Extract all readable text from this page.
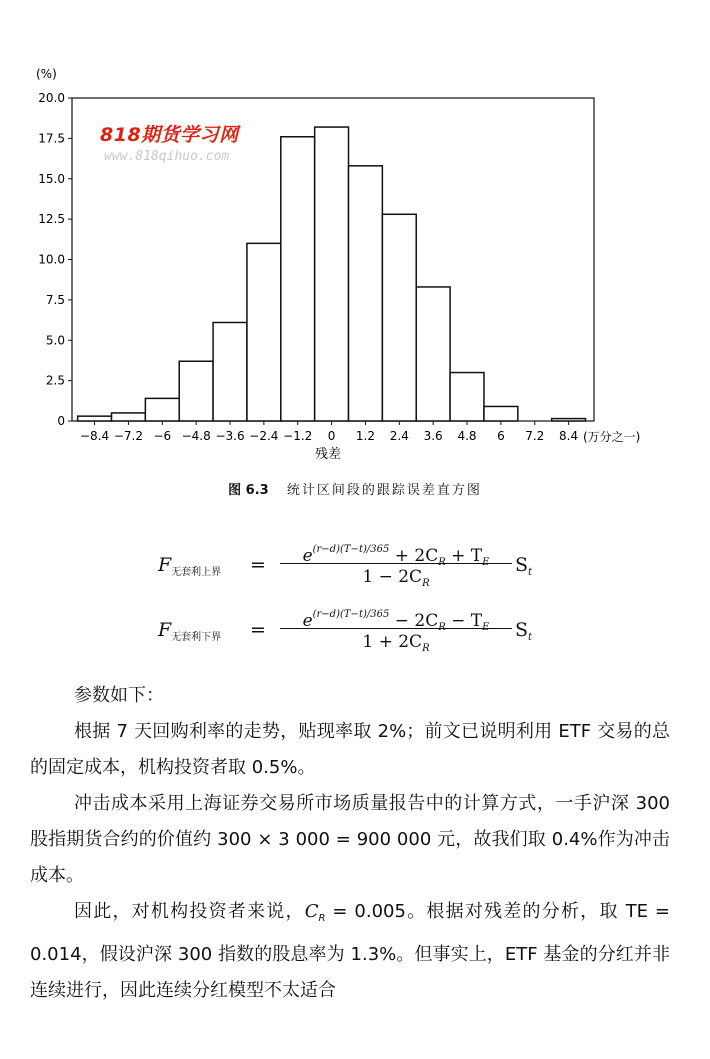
20.0
17.5
15.0
12.5
10.0
7.5
5.0
2.5
0
−8.4 −7.2 −6 −4.8 −3.6 −2.4 −1.2 0 1.2 2.4 3.6 4.8 6 7.2 8.4
(%)
(万分之一)
残差
818期货学习网
www.818qihuo.com
图 6.3 统计区间段的跟踪误差直方图
$F_{无套利上界}$ =	$e^{(r-d)(T-t)/365} + 2C_R + T_E$
$1 - 2C_R$
$S_t$
$F_{无套利下界}$ =	$e^{(r-d)(T-t)/365} - 2C_R - T_E$
$1 + 2C_R$
$S_t$

参数如下：

根据 7 天回购利率的走势，贴现率取 2%；前文已说明利用 ETF 交易的总的固定成本，机构投资者取 0.5%。

冲击成本采用上海证券交易所市场质量报告中的计算方式，一手沪深 300 股指期货合约的价值约 300 × 3 000 = 900 000 元，故我们取 0.4%作为冲击成本。

因此，对机构投资者来说，$C_R = 0.005$。根据对残差的分析，取 TE = 0.014，假设沪深 300 指数的股息率为 1.3%。但事实上，ETF 基金的分红并非连续进行，因此连续分红模型不太适合
